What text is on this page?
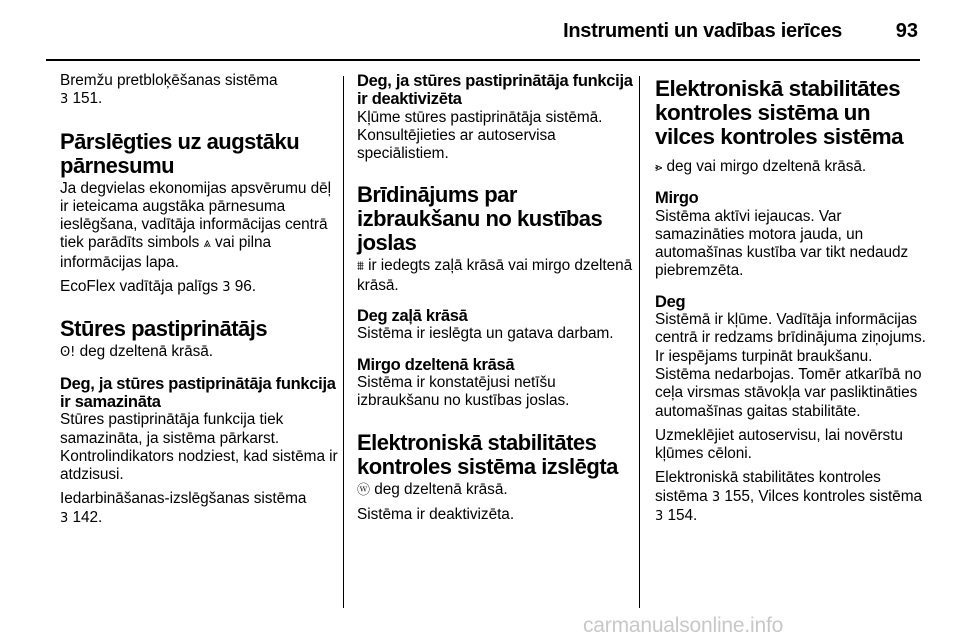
Instrumenti un vadības ierīces	93

Bremžu pretbloķēšanas sistēma
3 151.

Pārslēgties uz augstāku pārnesumu

Ja degvielas ekonomijas apsvērumu dēļ ir ieteicama augstāka pārnesuma ieslēgšana, vadītāja informācijas centrā tiek parādīts simbols ⩓ vai pilna informācijas lapa.

EcoFlex vadītāja palīgs 3 96.

Stūres pastiprinātājs

Ꙩ! deg dzeltenā krāsā.

Deg, ja stūres pastiprinātāja funkcija ir samazināta

Stūres pastiprinātāja funkcija tiek samazināta, ja sistēma pārkarst. Kontrolindikators nodziest, kad sistēma ir atdzisusi.

Iedarbināšanas-izslēgšanas sistēma
3 142.

Deg, ja stūres pastiprinātāja funkcija ir deaktivizēta

Kļūme stūres pastiprinātāja sistēmā. Konsultējieties ar autoservisa speciālistiem.

Brīdinājums par izbraukšanu no kustības joslas

⩩ ir iedegts zaļā krāsā vai mirgo dzeltenā krāsā.

Deg zaļā krāsā

Sistēma ir ieslēgta un gatava darbam.

Mirgo dzeltenā krāsā

Sistēma ir konstatējusi netīšu izbraukšanu no kustības joslas.

Elektroniskā stabilitātes kontroles sistēma izslēgta

ⓦ deg dzeltenā krāsā.

Sistēma ir deaktivizēta.

Elektroniskā stabilitātes kontroles sistēma un vilces kontroles sistēma

⩺ deg vai mirgo dzeltenā krāsā.

Mirgo

Sistēma aktīvi iejaucas. Var samazināties motora jauda, un automašīnas kustība var tikt nedaudz piebremzēta.

Deg

Sistēmā ir kļūme. Vadītāja informācijas centrā ir redzams brīdinājuma ziņojums. Ir iespējams turpināt braukšanu. Sistēma nedarbojas. Tomēr atkarībā no ceļa virsmas stāvokļa var pasliktināties automašīnas gaitas stabilitāte.

Uzmeklējiet autoservisu, lai novērstu kļūmes cēloni.

Elektroniskā stabilitātes kontroles sistēma 3 155, Vilces kontroles sistēma 3 154.

carmanualsonline.info
